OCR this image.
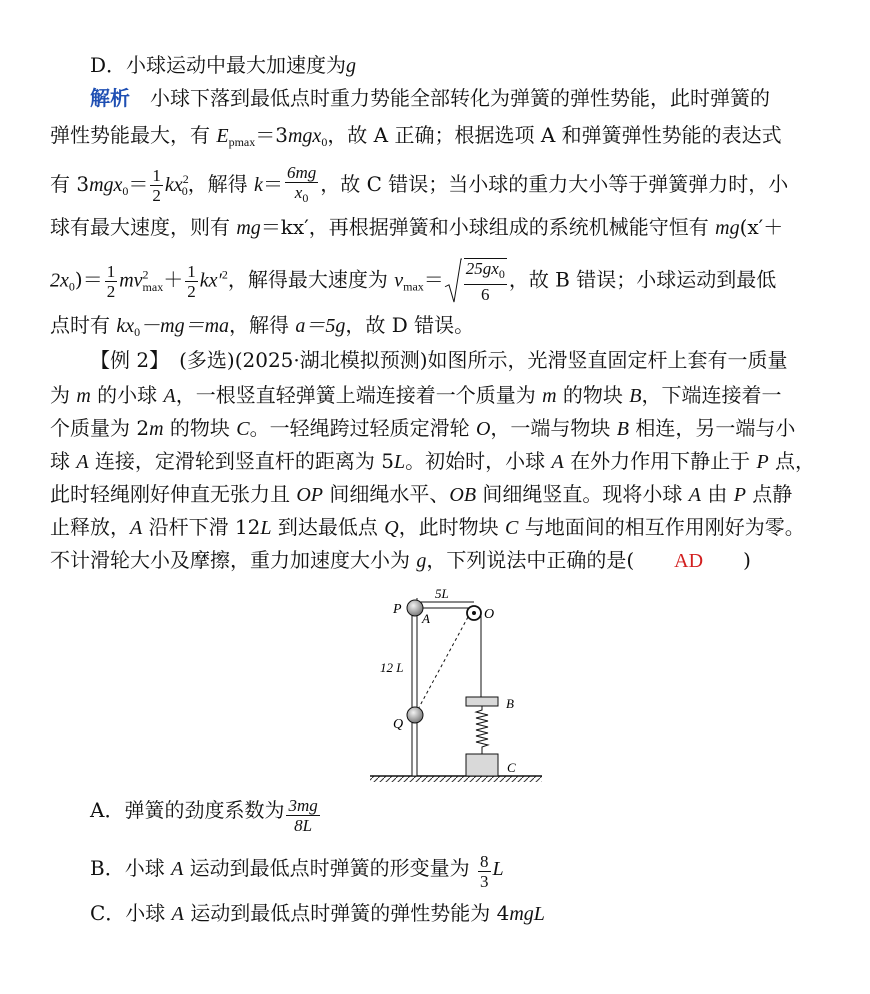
D．小球运动中最大加速度为g
解析　 小球下落到最低点时重力势能全部转化为弹簧的弹性势能，此时弹簧的
弹性势能最大，有 $E_{pmax}=3mgx_0$，故 A 正确；根据选项 A 和弹簧弹性势能的表达式
有 $3mgx_0= \frac{1}{2} kx^2_0$，解得 $k= \frac{6mg}{x_0}$ ，故 C 错误；当小球的重力大小等于弹簧弹力时，小
球有最大速度，则有 mg＝kx′，再根据弹簧和小球组成的系统机械能守恒有 mg(x′＋
$2x_0)= \frac{1}{2} mv^2_{max}+ \frac{1}{2} kx'^2$，解得最大速度为 $v_{max}= \frac{25gx_0}{6}$ ，故 B 错误；小球运动到最低
点时有 $kx_0-mg=ma$，解得 a＝5g，故 D 错误。
【例 2】　 (多选)(2025·湖北模拟预测)如图所示，光滑竖直固定杆上套有一质量
为 m 的小球 A，一根竖直轻弹簧上端连接着一个质量为 m 的物块 B，下端连接着一
个质量为 2m 的物块 C。一轻绳跨过轻质定滑轮 O，一端与物块 B 相连，另一端与小
球 A 连接，定滑轮到竖直杆的距离为 5L。初始时，小球 A 在外力作用下静止于 P 点，
此时轻绳刚好伸直无张力且 OP 间细绳水平、OB 间细绳竖直。现将小球 A 由 P 点静
止释放，A 沿杆下滑 12L 到达最低点 Q，此时物块 C 与地面间的相互作用刚好为零。
不计滑轮大小及摩擦，重力加速度大小为 g，下列说法中正确的是(　　 AD　　 )
5L
O
P
A
Q
12 L
B
C
A．弹簧的劲度系数为 $\frac{3mg}{8L}$
B．小球 A 运动到最低点时弹簧的形变量为 $\frac{8}{3}$ L
C．小球 A 运动到最低点时弹簧的弹性势能为 4mgL
